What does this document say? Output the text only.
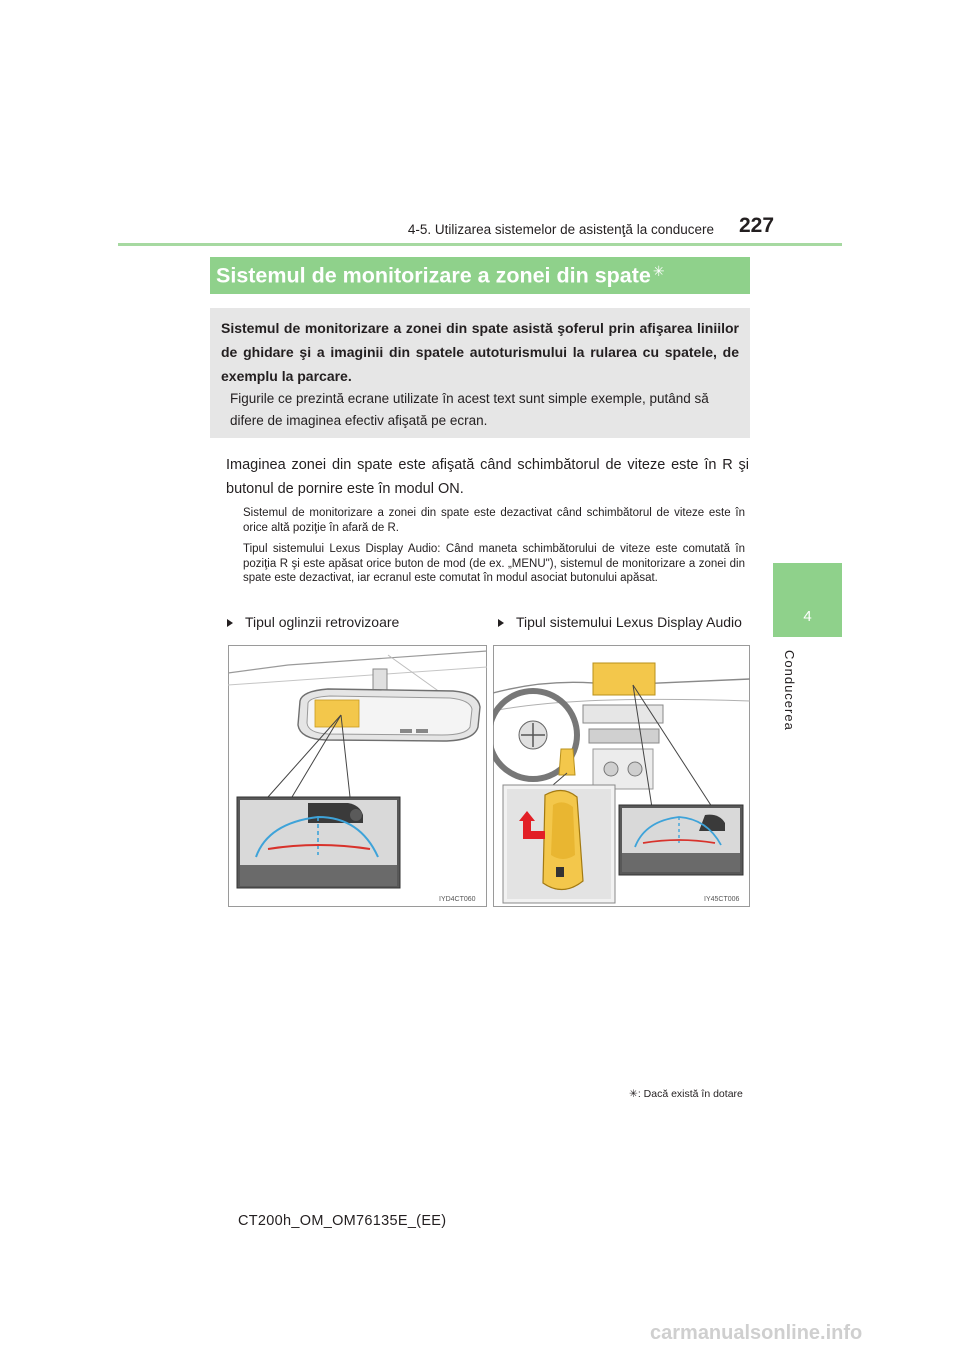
4-5. Utilizarea sistemelor de asistenţă la conducere 227
4
Conducerea
Sistemul de monitorizare a zonei din spate ✳
Sistemul de monitorizare a zonei din spate asistă şoferul prin afişarea liniilor de ghidare şi a imaginii din spatele autoturismului la rularea cu spatele, de exemplu la parcare.
Figurile ce prezintă ecrane utilizate în acest text sunt simple exemple, putând să difere de imaginea efectiv afişată pe ecran.
Imaginea zonei din spate este afişată când schimbătorul de viteze este în R şi butonul de pornire este în modul ON.
Sistemul de monitorizare a zonei din spate este dezactivat când schimbătorul de viteze este în orice altă poziţie în afară de R.
Tipul sistemului Lexus Display Audio: Când maneta schimbătorului de viteze este comutată în poziţia R şi este apăsat orice buton de mod (de ex. „MENU"), sistemul de monitorizare a zonei din spate este dezactivat, iar ecranul este comutat în modul asociat butonului apăsat.
Tipul oglinzii retrovizoare	Tipul sistemului Lexus Display Audio
IYD4CT060	IY45CT006
✳: Dacă există în dotare
CT200h_OM_OM76135E_(EE)
carmanualsonline.info
